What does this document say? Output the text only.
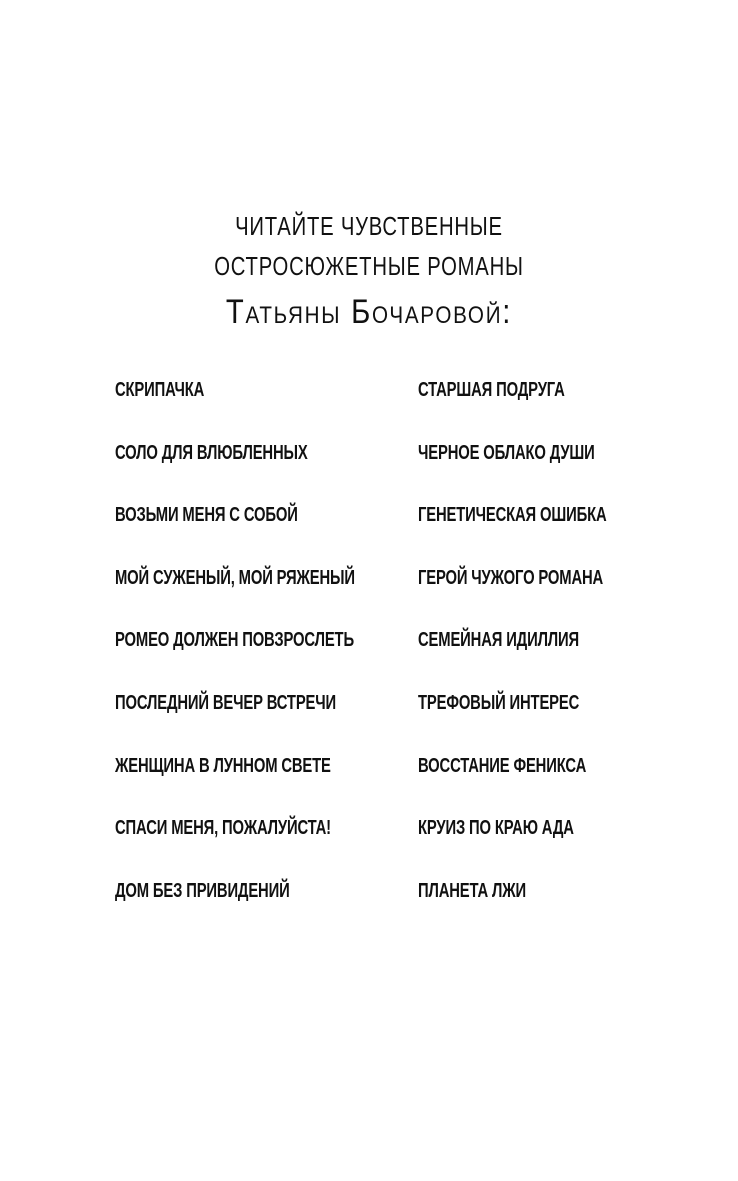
ЧИТАЙТЕ ЧУВСТВЕННЫЕ
ОСТРОСЮЖЕТНЫЕ РОМАНЫ
Татьяны Бочаровой:
СКРИПАЧКА
СОЛО ДЛЯ ВЛЮБЛЕННЫХ
ВОЗЬМИ МЕНЯ С СОБОЙ
МОЙ СУЖЕНЫЙ, МОЙ РЯЖЕНЫЙ
РОМЕО ДОЛЖЕН ПОВЗРОСЛЕТЬ
ПОСЛЕДНИЙ ВЕЧЕР ВСТРЕЧИ
ЖЕНЩИНА В ЛУННОМ СВЕТЕ
СПАСИ МЕНЯ, ПОЖАЛУЙСТА!
ДОМ БЕЗ ПРИВИДЕНИЙ
СТАРШАЯ ПОДРУГА
ЧЕРНОЕ ОБЛАКО ДУШИ
ГЕНЕТИЧЕСКАЯ ОШИБКА
ГЕРОЙ ЧУЖОГО РОМАНА
СЕМЕЙНАЯ ИДИЛЛИЯ
ТРЕФОВЫЙ ИНТЕРЕС
ВОССТАНИЕ ФЕНИКСА
КРУИЗ ПО КРАЮ АДА
ПЛАНЕТА ЛЖИ
